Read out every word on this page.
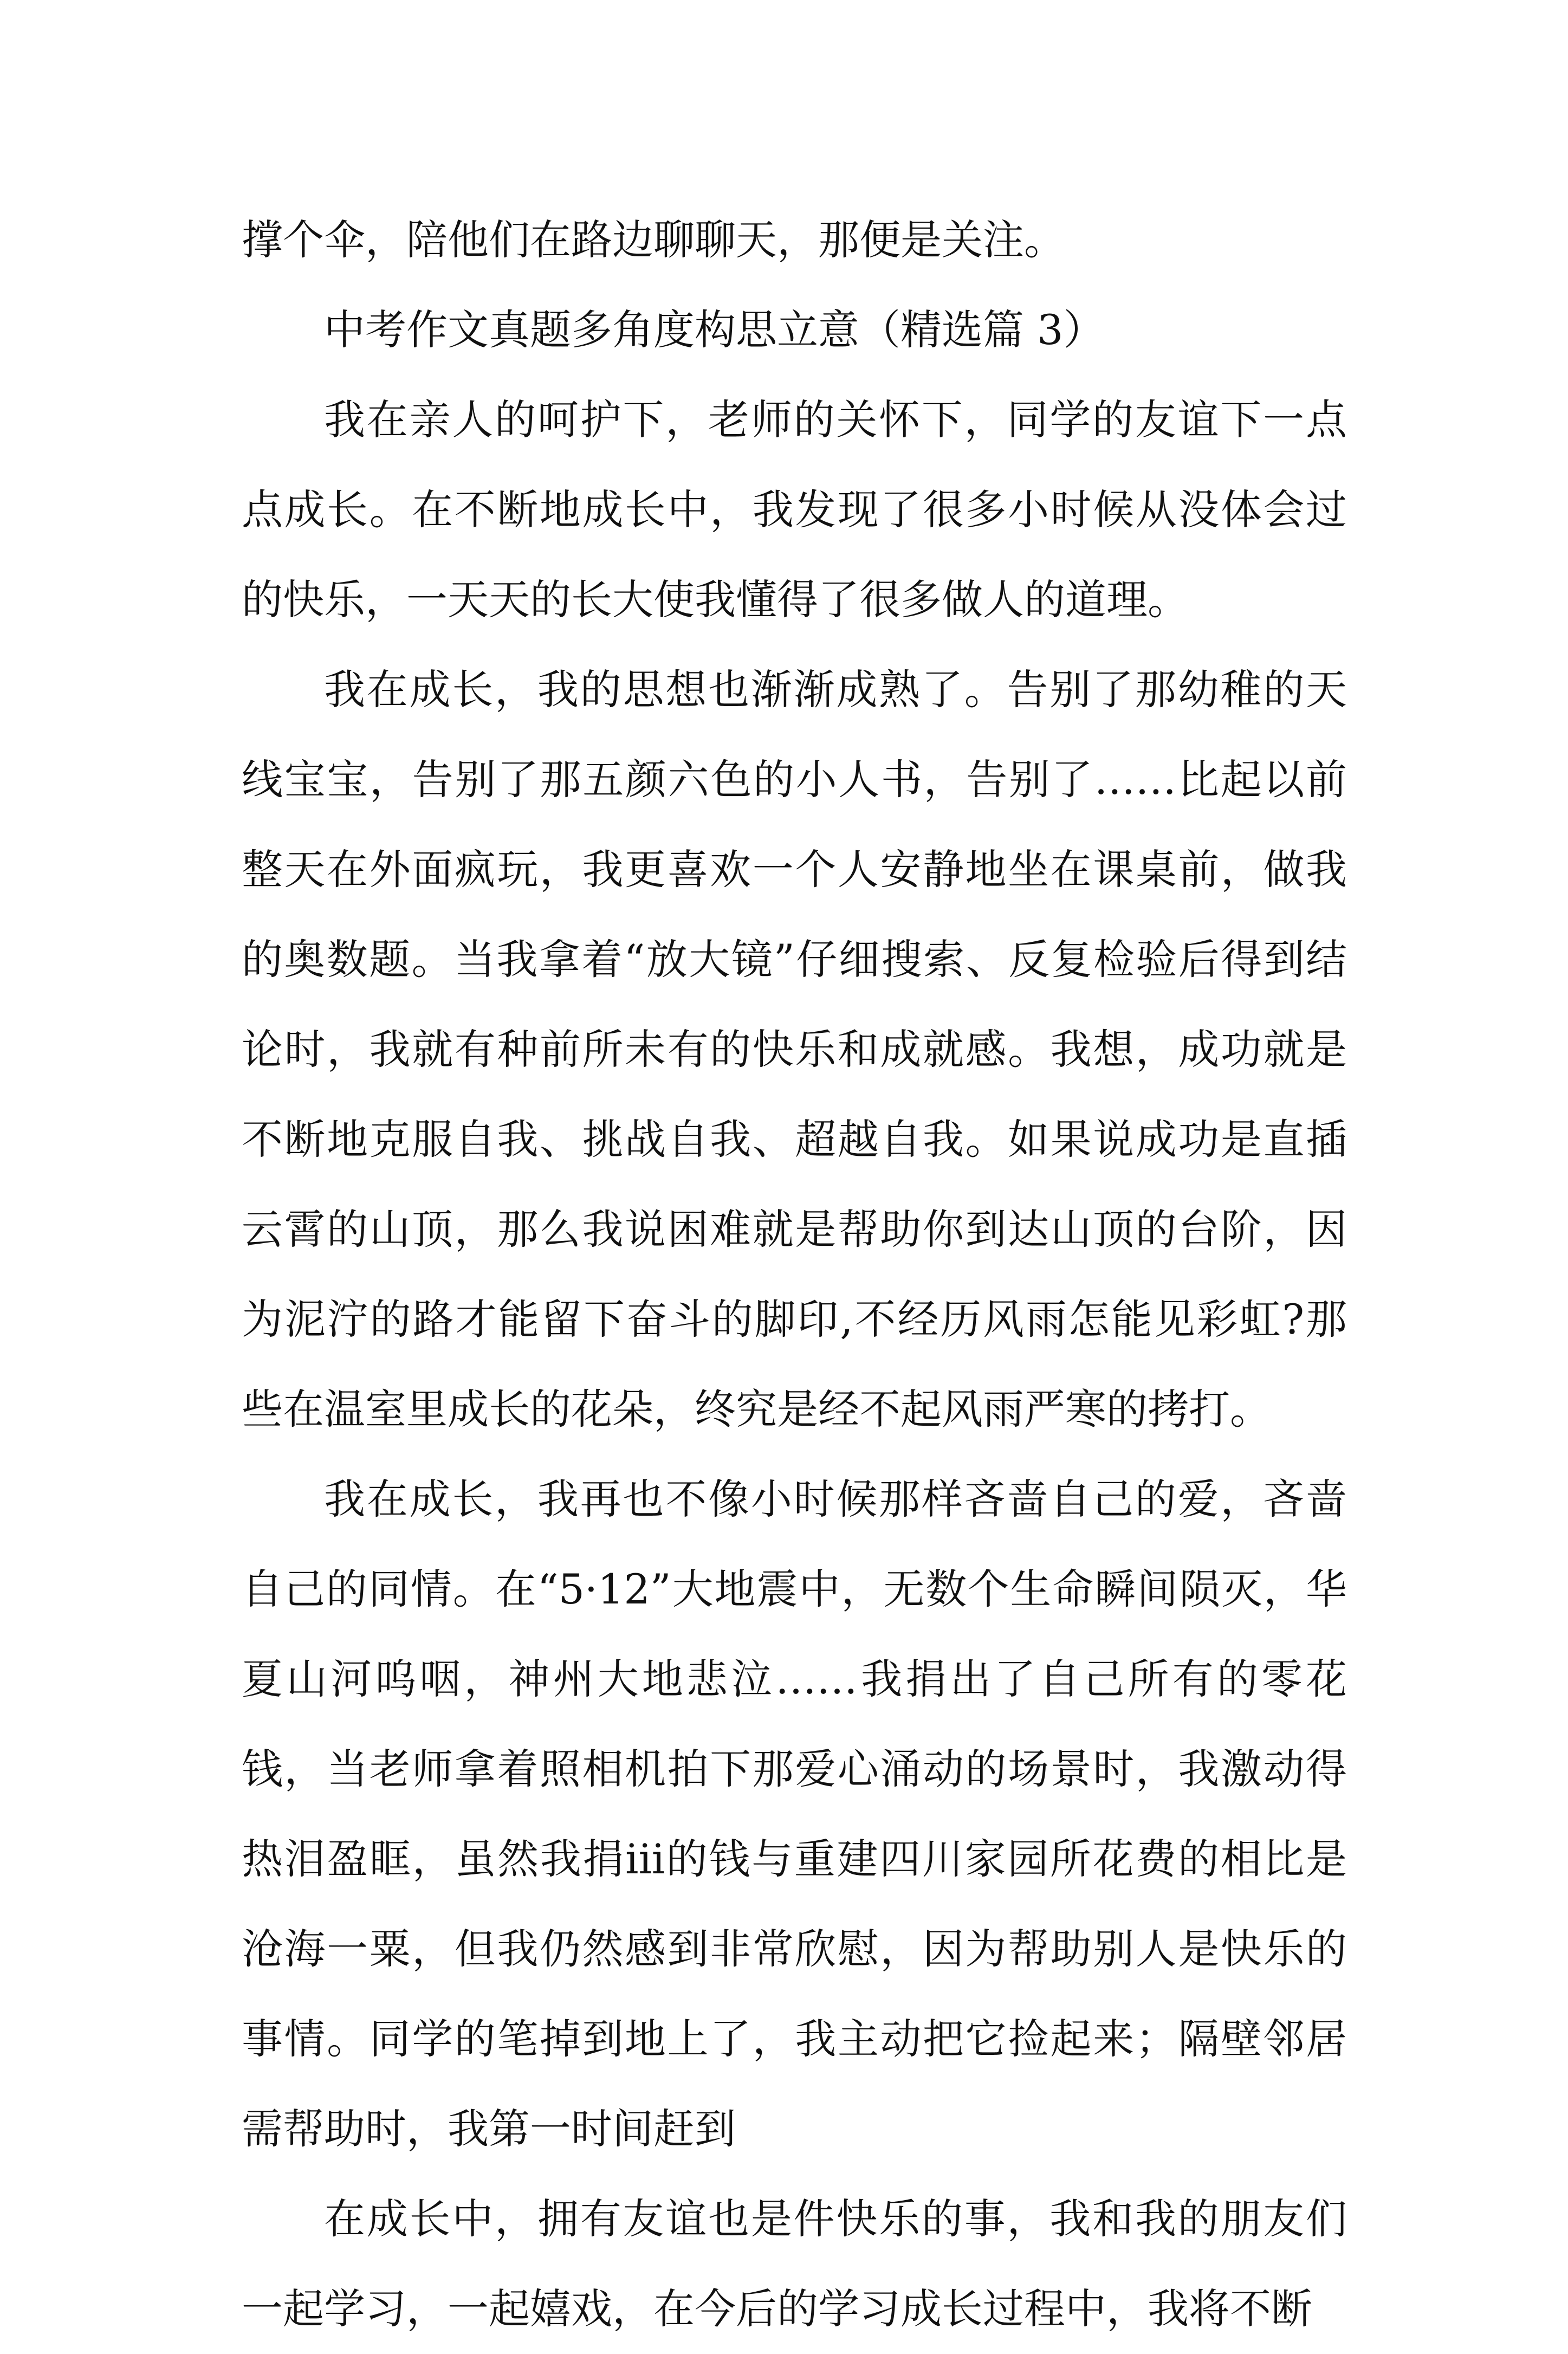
撑个伞，陪他们在路边聊聊天，那便是关注。

中考作文真题多角度构思立意（精选篇 3）

我在亲人的呵护下，老师的关怀下，同学的友谊下一点点成长。在不断地成长中，我发现了很多小时候从没体会过的快乐，一天天的长大使我懂得了很多做人的道理。

我在成长，我的思想也渐渐成熟了。告别了那幼稚的天线宝宝，告别了那五颜六色的小人书，告别了……比起以前整天在外面疯玩，我更喜欢一个人安静地坐在课桌前，做我的奥数题。当我拿着“放大镜”仔细搜索、反复检验后得到结论时，我就有种前所未有的快乐和成就感。我想，成功就是不断地克服自我、挑战自我、超越自我。如果说成功是直插云霄的山顶，那么我说困难就是帮助你到达山顶的台阶，因为泥泞的路才能留下奋斗的脚印,不经历风雨怎能见彩虹?那些在温室里成长的花朵，终究是经不起风雨严寒的拷打。

我在成长，我再也不像小时候那样吝啬自己的爱，吝啬自己的同情。在“5·12”大地震中，无数个生命瞬间陨灭，华夏山河呜咽，神州大地悲泣……我捐出了自己所有的零花钱，当老师拿着照相机拍下那爱心涌动的场景时，我激动得热泪盈眶，虽然我捐iii的钱与重建四川家园所花费的相比是沧海一粟，但我仍然感到非常欣慰，因为帮助别人是快乐的事情。同学的笔掉到地上了，我主动把它捡起来；隔壁邻居需帮助时，我第一时间赶到

在成长中，拥有友谊也是件快乐的事，我和我的朋友们一起学习，一起嬉戏，在今后的学习成长过程中，我将不断
